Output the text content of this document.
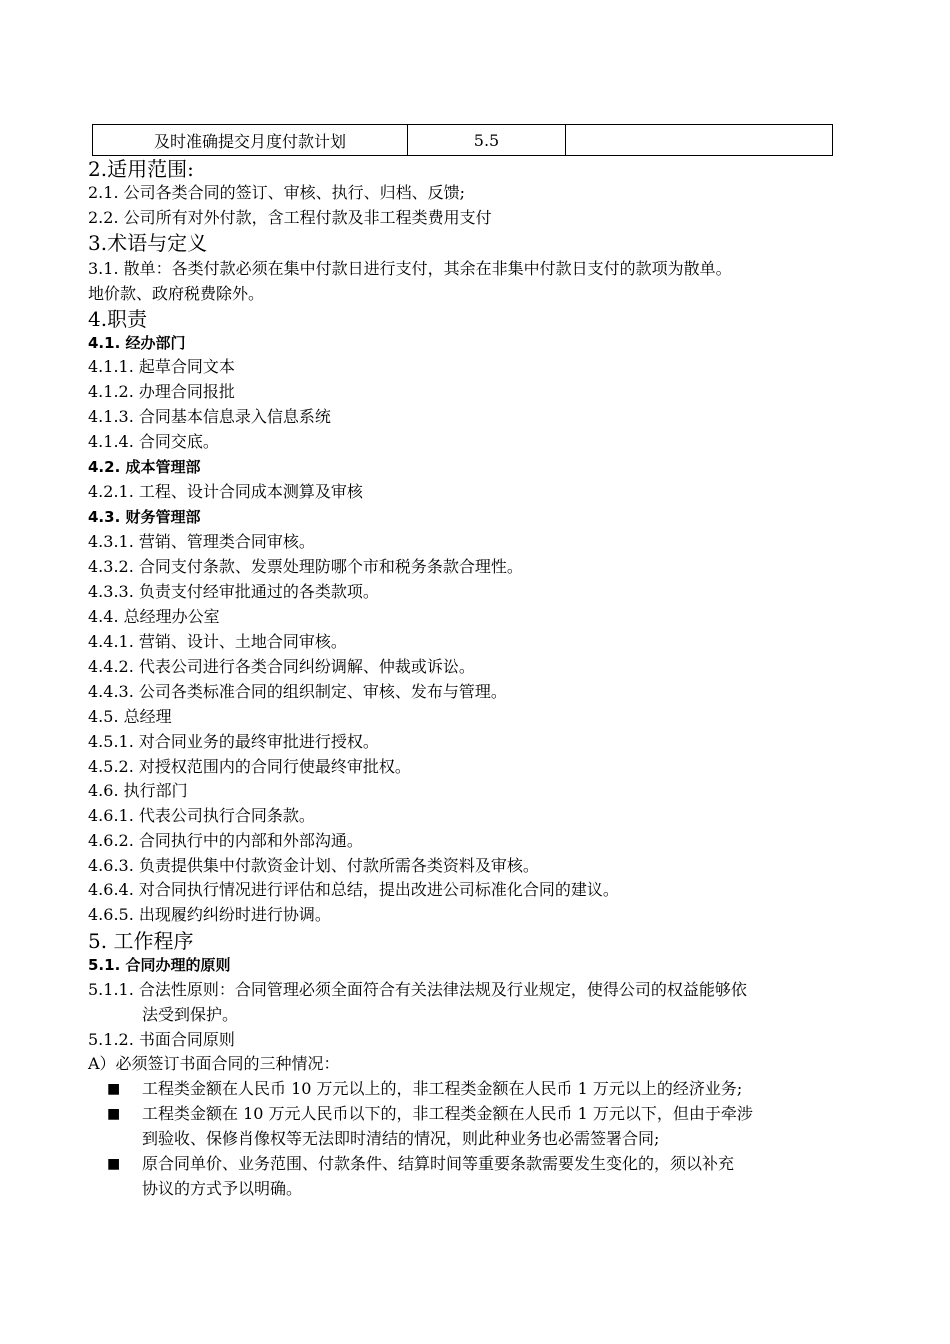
及时准确提交月度付款计划	5.5	
2.适用范围:
2.1. 公司各类合同的签订、审核、执行、归档、反馈;
2.2. 公司所有对外付款，含工程付款及非工程类费用支付
3.术语与定义
3.1. 散单：各类付款必须在集中付款日进行支付，其余在非集中付款日支付的款项为散单。
地价款、政府税费除外。
4.职责
4.1. 经办部门
4.1.1. 起草合同文本
4.1.2. 办理合同报批
4.1.3. 合同基本信息录入信息系统
4.1.4. 合同交底。
4.2. 成本管理部
4.2.1. 工程、设计合同成本测算及审核
4.3. 财务管理部
4.3.1. 营销、管理类合同审核。
4.3.2. 合同支付条款、发票处理防哪个市和税务条款合理性。
4.3.3. 负责支付经审批通过的各类款项。
4.4. 总经理办公室
4.4.1. 营销、设计、土地合同审核。
4.4.2. 代表公司进行各类合同纠纷调解、仲裁或诉讼。
4.4.3. 公司各类标准合同的组织制定、审核、发布与管理。
4.5. 总经理
4.5.1. 对合同业务的最终审批进行授权。
4.5.2. 对授权范围内的合同行使最终审批权。
4.6. 执行部门
4.6.1. 代表公司执行合同条款。
4.6.2. 合同执行中的内部和外部沟通。
4.6.3. 负责提供集中付款资金计划、付款所需各类资料及审核。
4.6.4. 对合同执行情况进行评估和总结，提出改进公司标准化合同的建议。
4.6.5. 出现履约纠纷时进行协调。
5. 工作程序
5.1. 合同办理的原则
5.1.1. 合法性原则：合同管理必须全面符合有关法律法规及行业规定，使得公司的权益能够依
法受到保护。
5.1.2. 书面合同原则
A）必须签订书面合同的三种情况：
■ 工程类金额在人民币 10 万元以上的，非工程类金额在人民币 1 万元以上的经济业务;
■ 工程类金额在 10 万元人民币以下的，非工程类金额在人民币 1 万元以下，但由于牵涉
到验收、保修肖像权等无法即时清结的情况，则此种业务也必需签署合同;
■ 原合同单价、业务范围、付款条件、结算时间等重要条款需要发生变化的，须以补充
协议的方式予以明确。
